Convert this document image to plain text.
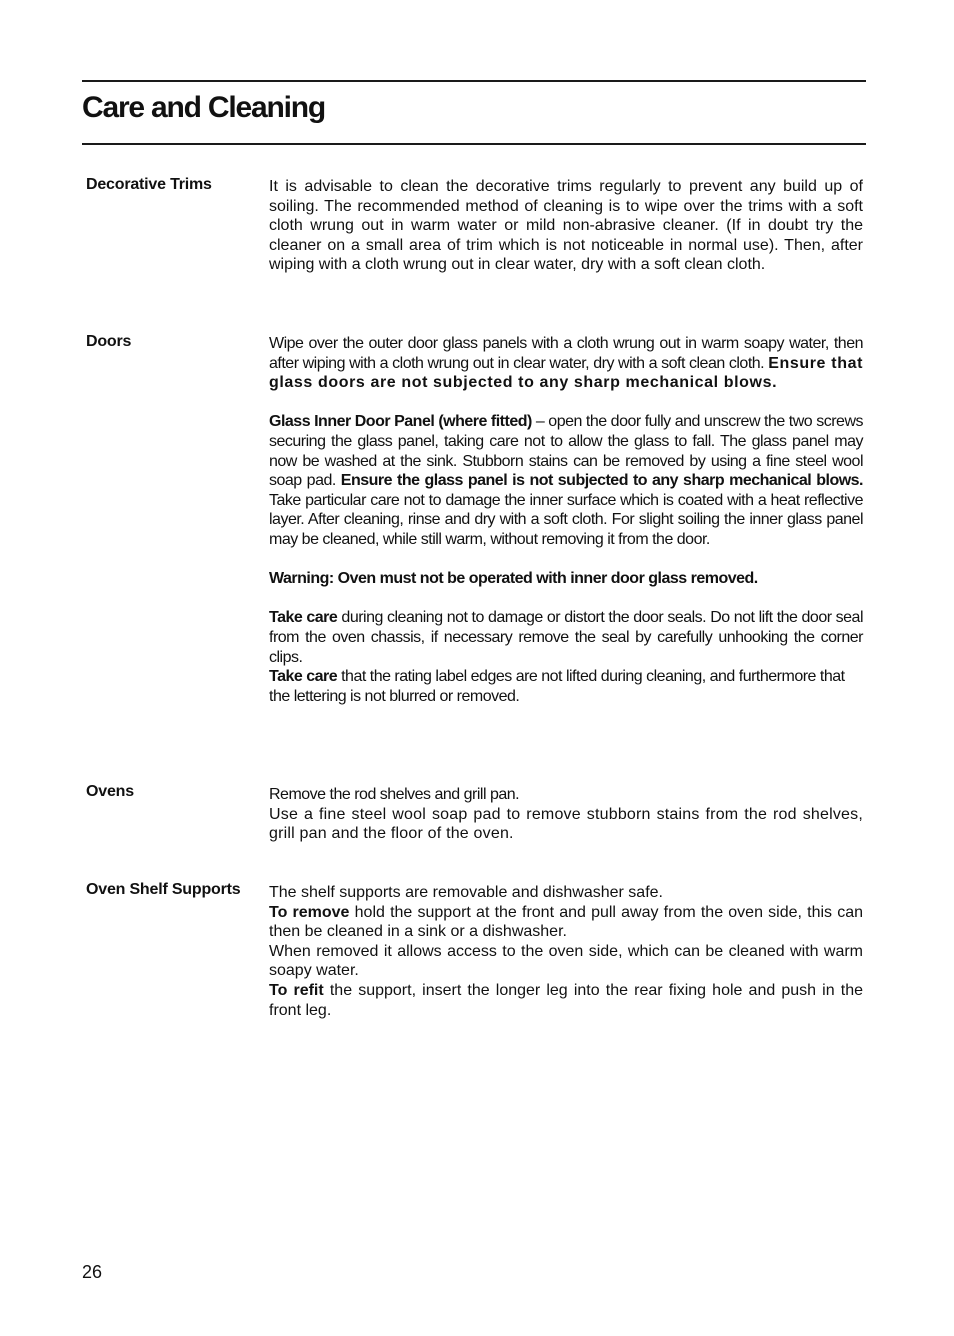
Care and Cleaning
Decorative Trims	It is advisable to clean the decorative trims regularly to prevent any build up of soiling. The recommended method of cleaning is to wipe over the trims with a soft cloth wrung out in warm water or mild non-abrasive cleaner. (If in doubt try the cleaner on a small area of trim which is not noticeable in normal use). Then, after wiping with a cloth wrung out in clear water, dry with a soft clean cloth.

Doors	Wipe over the outer door glass panels with a cloth wrung out in warm soapy water, then after wiping with a cloth wrung out in clear water, dry with a soft clean cloth. Ensure that glass doors are not subjected to any sharp mechanical blows.

Glass Inner Door Panel (where fitted) – open the door fully and unscrew the two screws securing the glass panel, taking care not to allow the glass to fall. The glass panel may now be washed at the sink. Stubborn stains can be removed by using a fine steel wool soap pad. Ensure the glass panel is not subjected to any sharp mechanical blows. Take particular care not to damage the inner surface which is coated with a heat reflective layer. After cleaning, rinse and dry with a soft cloth. For slight soiling the inner glass panel may be cleaned, while still warm, without removing it from the door.

Warning: Oven must not be operated with inner door glass removed.

Take care during cleaning not to damage or distort the door seals. Do not lift the door seal from the oven chassis, if necessary remove the seal by carefully unhooking the corner clips.

Take care that the rating label edges are not lifted during cleaning, and furthermore that the lettering is not blurred or removed.

Ovens	Remove the rod shelves and grill pan.

Use a fine steel wool soap pad to remove stubborn stains from the rod shelves, grill pan and the floor of the oven.

Oven Shelf Supports	The shelf supports are removable and dishwasher safe.

To remove hold the support at the front and pull away from the oven side, this can then be cleaned in a sink or a dishwasher.

When removed it allows access to the oven side, which can be cleaned with warm soapy water.

To refit the support, insert the longer leg into the rear fixing hole and push in the front leg.

26
